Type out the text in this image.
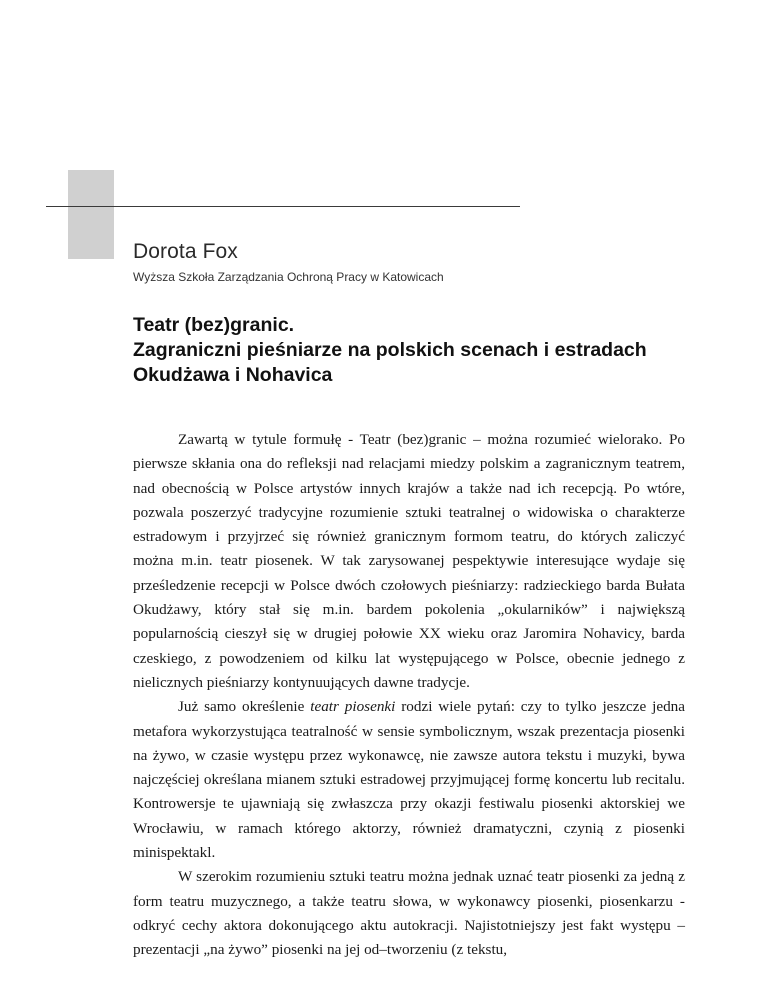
Dorota Fox
Wyższa Szkoła Zarządzania Ochroną Pracy w Katowicach
Teatr (bez)granic.
Zagraniczni pieśniarze na polskich scenach i estradach
Okudżawa i Nohavica

Zawartą w tytule formułę - Teatr (bez)granic – można rozumieć wielorako. Po pierwsze skłania ona do refleksji nad relacjami miedzy polskim a zagranicznym teatrem, nad obecnością w Polsce artystów innych krajów a także nad ich recepcją. Po wtóre, pozwala poszerzyć tradycyjne rozumienie sztuki teatralnej o widowiska o charakterze estradowym i przyjrzeć się również granicznym formom teatru, do których zaliczyć można m.in. teatr piosenek. W tak zarysowanej pespektywie interesujące wydaje się prześledzenie recepcji w Polsce dwóch czołowych pieśniarzy: radzieckiego barda Bułata Okudżawy, który stał się m.in. bardem pokolenia „okularników” i największą popularnością cieszył się w drugiej połowie XX wieku oraz Jaromira Nohavicy, barda czeskiego, z powodzeniem od kilku lat występującego w Polsce, obecnie jednego z nielicznych pieśniarzy kontynuujących dawne tradycje.

Już samo określenie teatr piosenki rodzi wiele pytań: czy to tylko jeszcze jedna metafora wykorzystująca teatralność w sensie symbolicznym, wszak prezentacja piosenki na żywo, w czasie występu przez wykonawcę, nie zawsze autora tekstu i muzyki, bywa najczęściej określana mianem sztuki estradowej przyjmującej formę koncertu lub recitalu. Kontrowersje te ujawniają się zwłaszcza przy okazji festiwalu piosenki aktorskiej we Wrocławiu, w ramach którego aktorzy, również dramatyczni, czynią z piosenki minispektakl.

W szerokim rozumieniu sztuki teatru można jednak uznać teatr piosenki za jedną z form teatru muzycznego, a także teatru słowa, w wykonawcy piosenki, piosenkarzu - odkryć cechy aktora dokonującego aktu autokracji. Najistotniejszy jest fakt występu – prezentacji „na żywo” piosenki na jej od–tworzeniu (z tekstu,
